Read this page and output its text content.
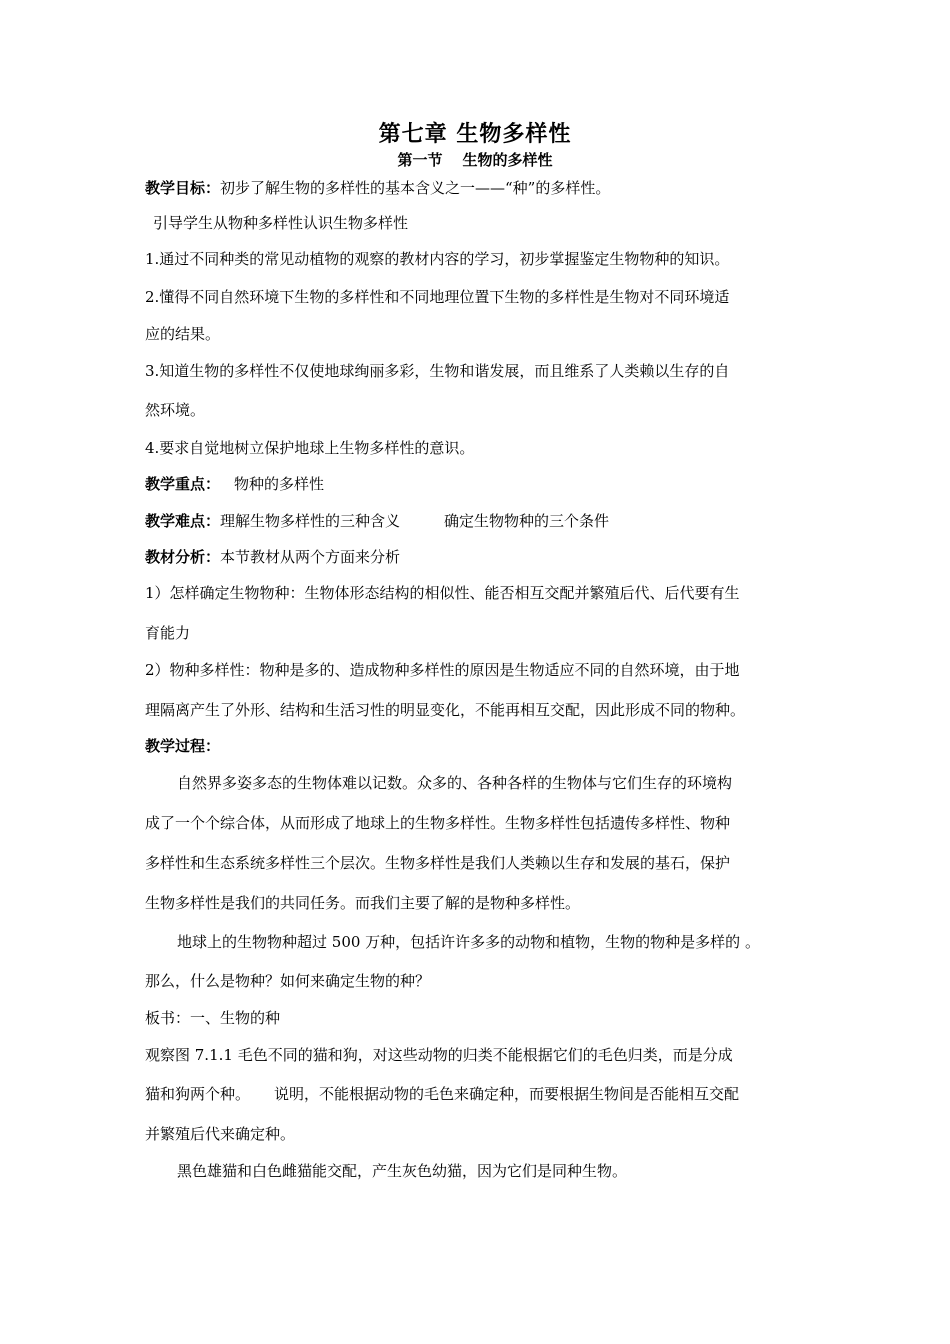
第七章 生物多样性
第一节 生物的多样性
教学目标：初步了解生物的多样性的基本含义之一——“种”的多样性。
引导学生从物种多样性认识生物多样性
1.通过不同种类的常见动植物的观察的教材内容的学习，初步掌握鉴定生物物种的知识。
2.懂得不同自然环境下生物的多样性和不同地理位置下生物的多样性是生物对不同环境适
应的结果。
3.知道生物的多样性不仅使地球绚丽多彩，生物和谐发展，而且维系了人类赖以生存的自
然环境。
4.要求自觉地树立保护地球上生物多样性的意识。
教学重点： 物种的多样性
教学难点：理解生物多样性的三种含义	确定生物物种的三个条件
教材分析：本节教材从两个方面来分析
1）怎样确定生物物种：生物体形态结构的相似性、能否相互交配并繁殖后代、后代要有生
育能力
2）物种多样性：物种是多的、造成物种多样性的原因是生物适应不同的自然环境，由于地
理隔离产生了外形、结构和生活习性的明显变化，不能再相互交配，因此形成不同的物种。
教学过程：
自然界多姿多态的生物体难以记数。众多的、各种各样的生物体与它们生存的环境构
成了一个个综合体，从而形成了地球上的生物多样性。生物多样性包括遗传多样性、物种
多样性和生态系统多样性三个层次。生物多样性是我们人类赖以生存和发展的基石，保护
生物多样性是我们的共同任务。而我们主要了解的是物种多样性。
地球上的生物物种超过 500 万种，包括许许多多的动物和植物，生物的物种是多样的 。
那么，什么是物种？如何来确定生物的种？
板书：一、生物的种
观察图 7.1.1 毛色不同的猫和狗，对这些动物的归类不能根据它们的毛色归类，而是分成
猫和狗两个种。 说明，不能根据动物的毛色来确定种，而要根据生物间是否能相互交配
并繁殖后代来确定种。
黑色雄猫和白色雌猫能交配，产生灰色幼猫，因为它们是同种生物。
